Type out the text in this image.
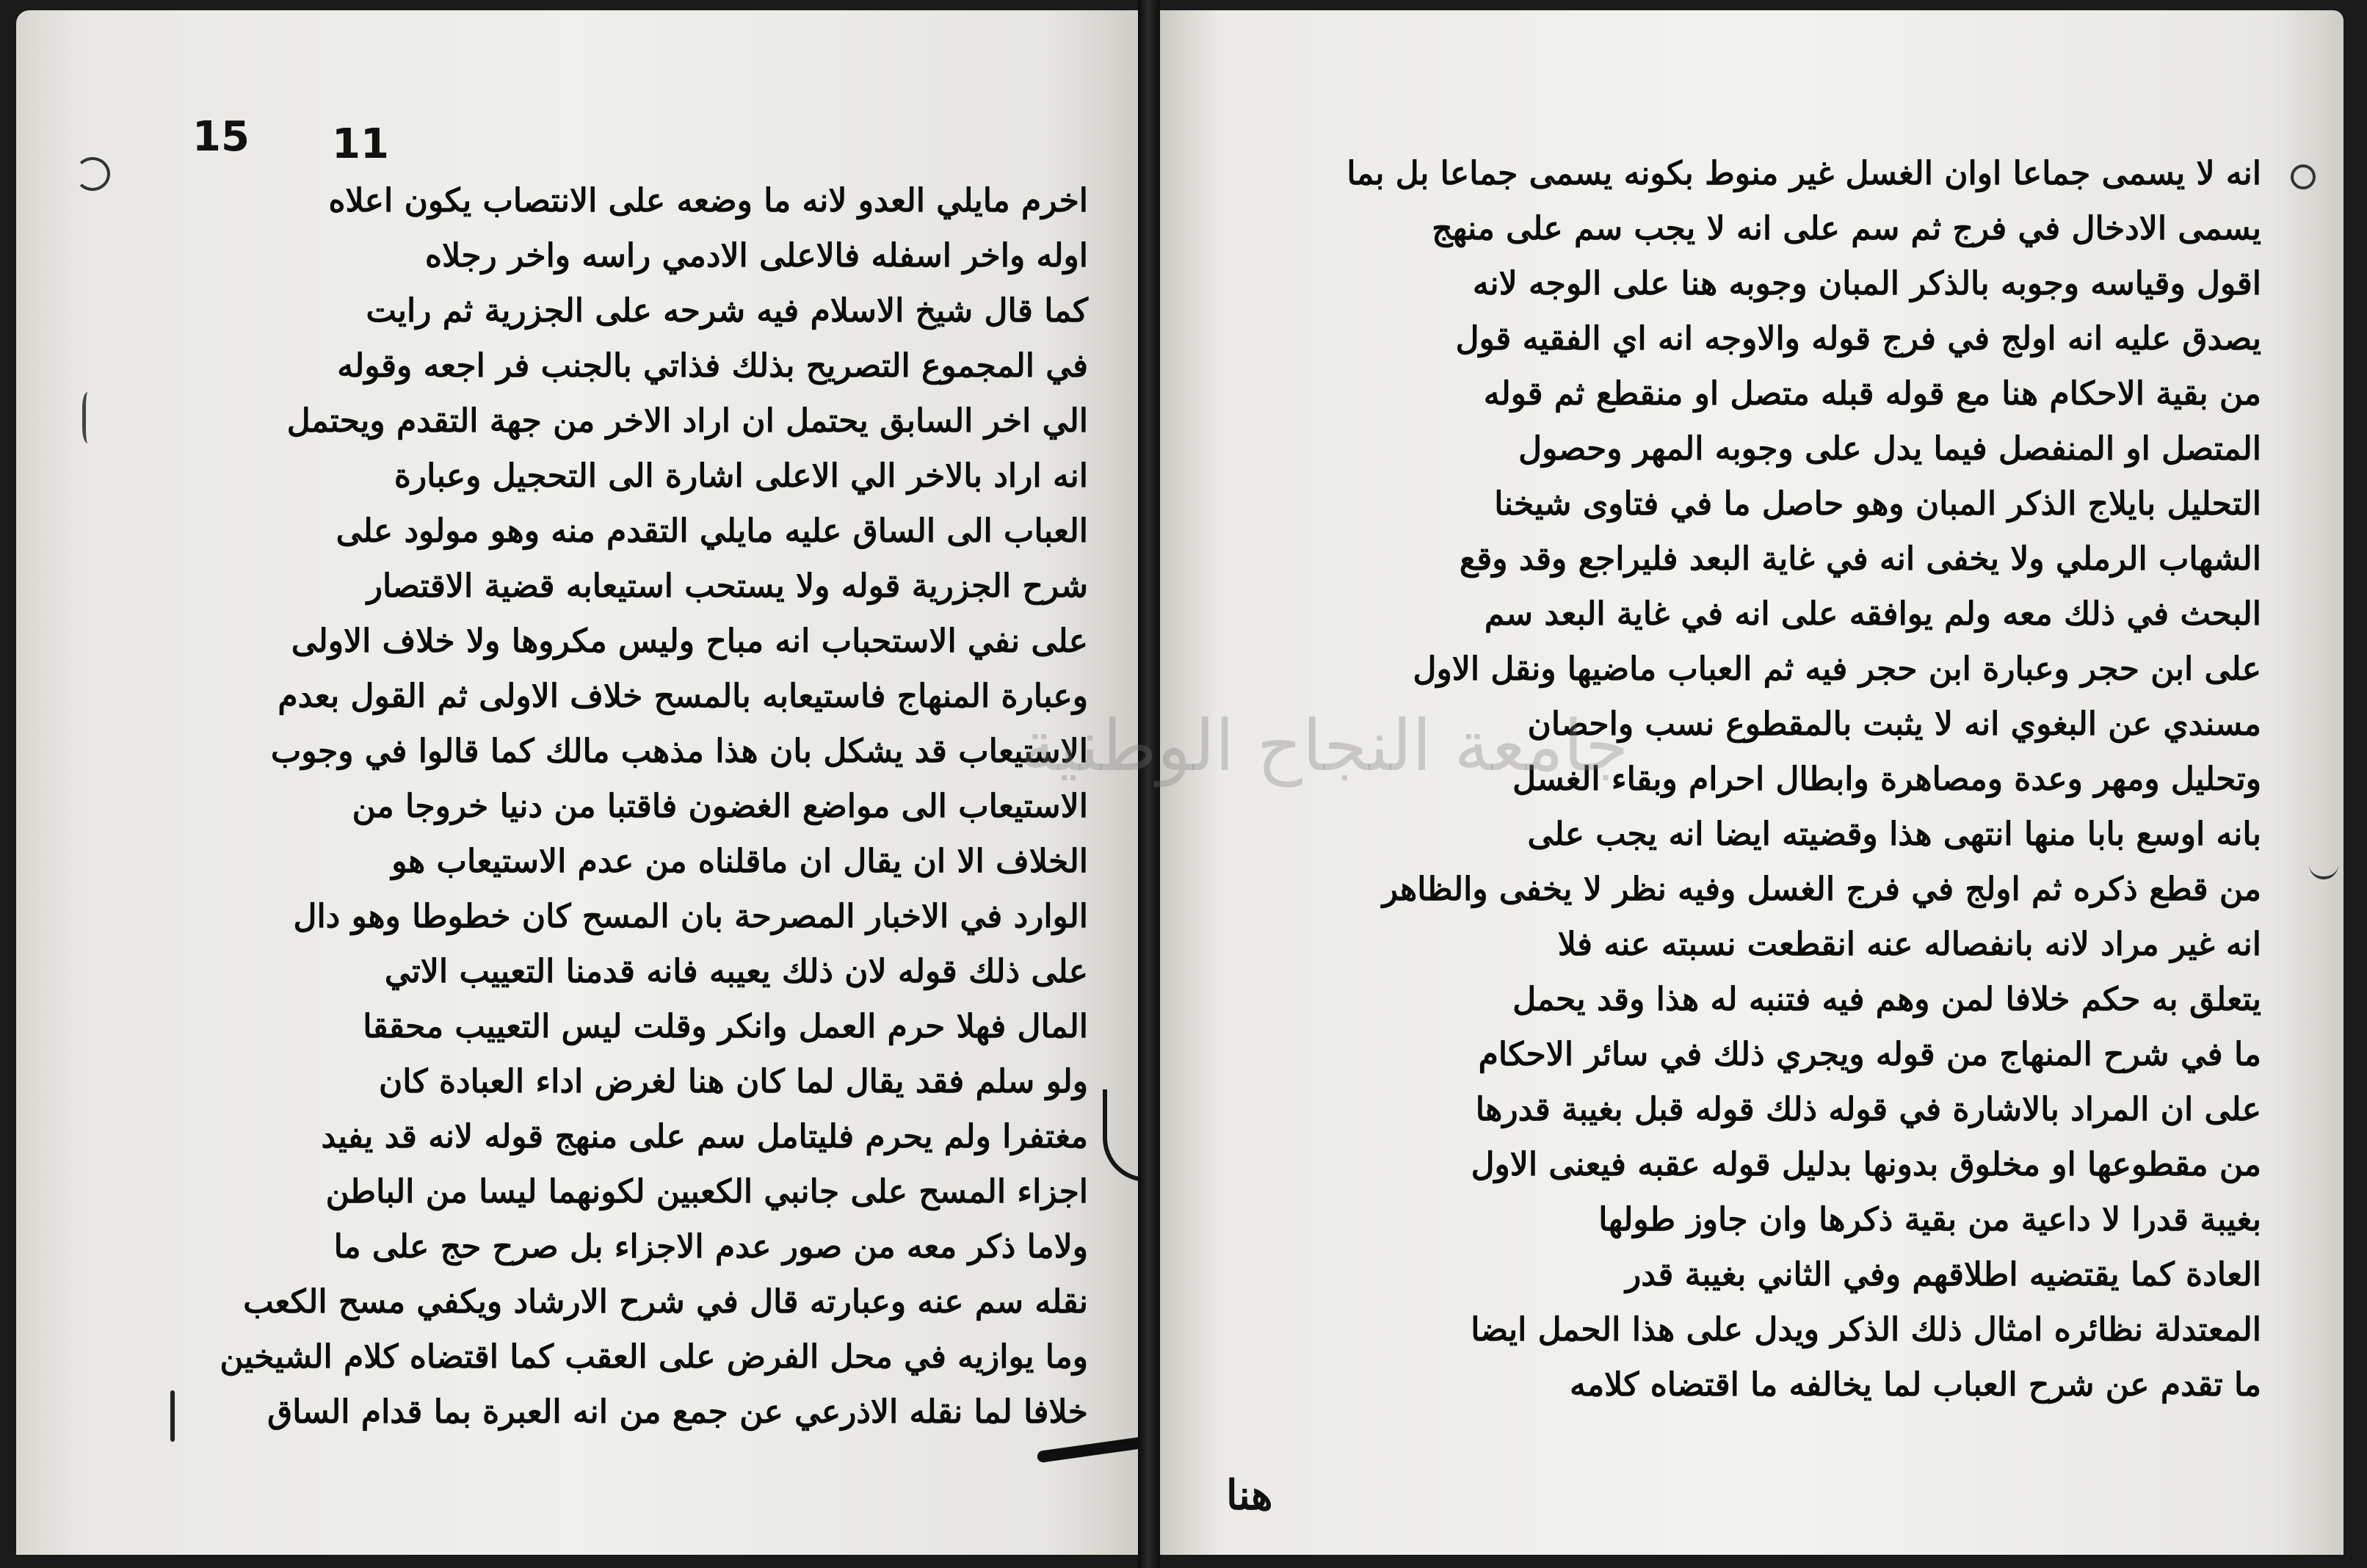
15 11
اخرم مايلي العدو لانه ما وضعه على الانتصاب يكون اعلاه
اوله واخر اسفله فالاعلى الادمي راسه واخر رجلاه
كما قال شيخ الاسلام فيه شرحه على الجزرية ثم رايت
في المجموع التصريح بذلك فذاتي بالجنب فر اجعه وقوله
الي اخر السابق يحتمل ان اراد الاخر من جهة التقدم ويحتمل
انه اراد بالاخر الي الاعلى اشارة الى التحجيل وعبارة
العباب الى الساق عليه مايلي التقدم منه وهو مولود على
شرح الجزرية قوله ولا يستحب استيعابه قضية الاقتصار
على نفي الاستحباب انه مباح وليس مكروها ولا خلاف الاولى
وعبارة المنهاج فاستيعابه بالمسح خلاف الاولى ثم القول بعدم
الاستيعاب قد يشكل بان هذا مذهب مالك كما قالوا في وجوب
الاستيعاب الى مواضع الغضون فاقتبا من دنيا خروجا من
الخلاف الا ان يقال ان ماقلناه من عدم الاستيعاب هو
الوارد في الاخبار المصرحة بان المسح كان خطوطا وهو دال
على ذلك قوله لان ذلك يعيبه فانه قدمنا التعييب الاتي
المال فهلا حرم العمل وانكر وقلت ليس التعييب محققا
ولو سلم فقد يقال لما كان هنا لغرض اداء العبادة كان
مغتفرا ولم يحرم فليتامل سم على منهج قوله لانه قد يفيد
اجزاء المسح على جانبي الكعبين لكونهما ليسا من الباطن
ولاما ذكر معه من صور عدم الاجزاء بل صرح حج على ما
نقله سم عنه وعبارته قال في شرح الارشاد ويكفي مسح الكعب
وما يوازيه في محل الفرض على العقب كما اقتضاه كلام الشيخين
خلافا لما نقله الاذرعي عن جمع من انه العبرة بما قدام الساق
انه لا يسمى جماعا اوان الغسل غير منوط بكونه يسمى جماعا بل بما
يسمى الادخال في فرج ثم سم على انه لا يجب سم على منهج
اقول وقياسه وجوبه بالذكر المبان وجوبه هنا على الوجه لانه
يصدق عليه انه اولج في فرج قوله والاوجه انه اي الفقيه قول
من بقية الاحكام هنا مع قوله قبله متصل او منقطع ثم قوله
المتصل او المنفصل فيما يدل على وجوبه المهر وحصول
التحليل بايلاج الذكر المبان وهو حاصل ما في فتاوى شيخنا
الشهاب الرملي ولا يخفى انه في غاية البعد فليراجع وقد وقع
البحث في ذلك معه ولم يوافقه على انه في غاية البعد سم
على ابن حجر وعبارة ابن حجر فيه ثم العباب ماضيها ونقل الاول
مسندي عن البغوي انه لا يثبت بالمقطوع نسب واحصان
وتحليل ومهر وعدة ومصاهرة وابطال احرام وبقاء الغسل
بانه اوسع بابا منها انتهى هذا وقضيته ايضا انه يجب على
من قطع ذكره ثم اولج في فرج الغسل وفيه نظر لا يخفى والظاهر
انه غير مراد لانه بانفصاله عنه انقطعت نسبته عنه فلا
يتعلق به حكم خلافا لمن وهم فيه فتنبه له هذا وقد يحمل
ما في شرح المنهاج من قوله ويجري ذلك في سائر الاحكام
على ان المراد بالاشارة في قوله ذلك قوله قبل بغيبة قدرها
من مقطوعها او مخلوق بدونها بدليل قوله عقبه فيعنى الاول
بغيبة قدرا لا داعية من بقية ذكرها وان جاوز طولها
العادة كما يقتضيه اطلاقهم وفي الثاني بغيبة قدر
المعتدلة نظائره امثال ذلك الذكر ويدل على هذا الحمل ايضا
ما تقدم عن شرح العباب لما يخالفه ما اقتضاه كلامه
هنا
جامعة النجاح الوطنية
